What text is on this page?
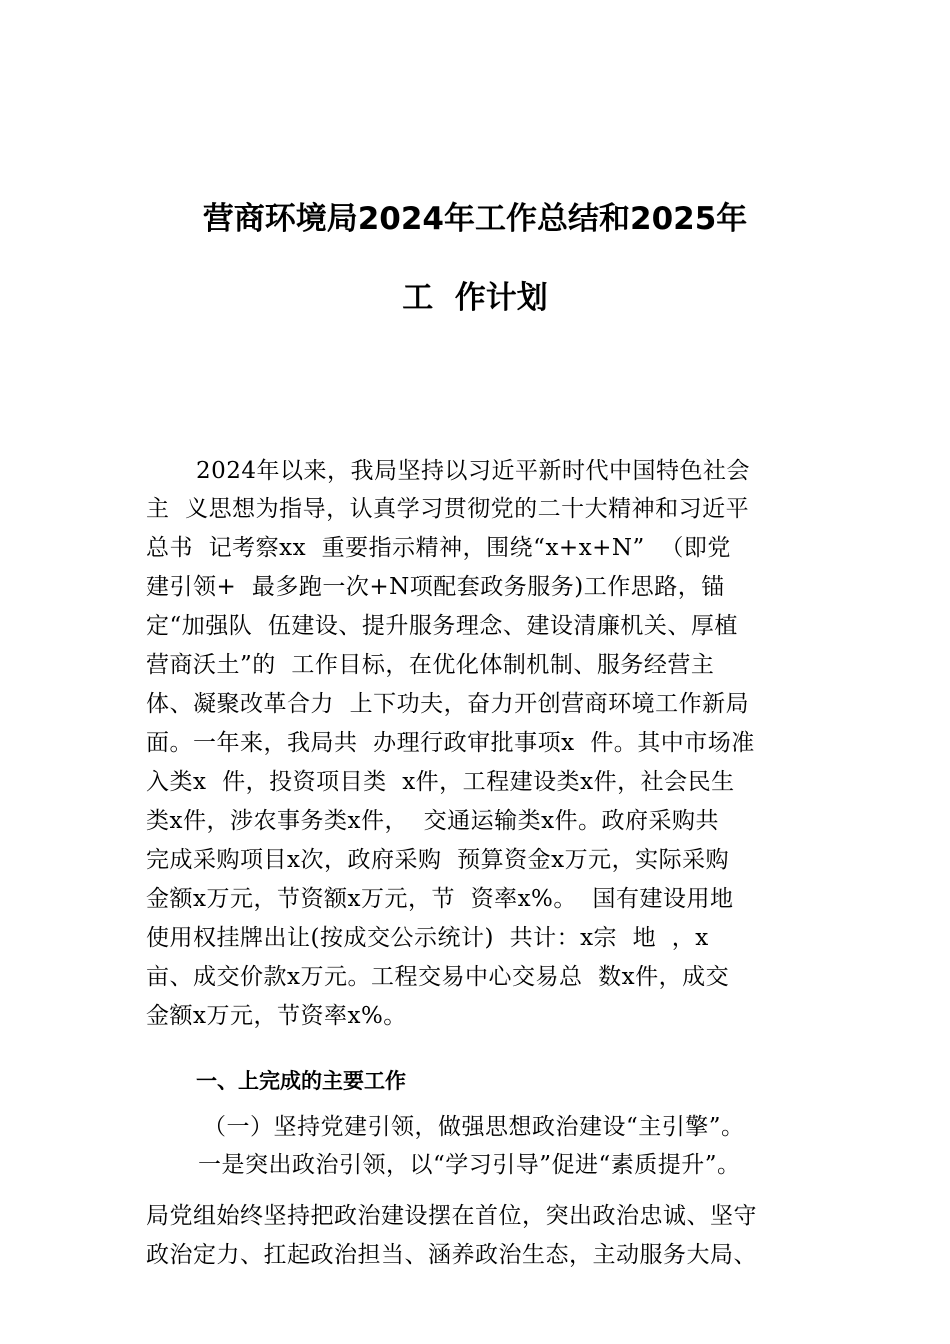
营商环境局2024年工作总结和2025年
工  作计划
2024年以来，我局坚持以习近平新时代中国特色社会
主  义思想为指导，认真学习贯彻党的二十大精神和习近平
总书  记考察xx  重要指示精神，围绕“x+x+N”  （即党
建引领+  最多跑一次+N项配套政务服务)工作思路，锚
定“加强队  伍建设、提升服务理念、建设清廉机关、厚植
营商沃土”的  工作目标，在优化体制机制、服务经营主
体、凝聚改革合力  上下功夫，奋力开创营商环境工作新局
面。一年来，我局共  办理行政审批事项x  件。其中市场准
入类x  件，投资项目类  x件，工程建设类x件，社会民生
类x件，涉农事务类x件，  交通运输类x件。政府采购共
完成采购项目x次，政府采购  预算资金x万元，实际采购
金额x万元，节资额x万元，节  资率x%。  国有建设用地
使用权挂牌出让(按成交公示统计)  共计：x宗  地  ，x
亩、成交价款x万元。工程交易中心交易总  数x件，成交
金额x万元，节资率x%。
一、上完成的主要工作
（一）坚持党建引领，做强思想政治建设“主引擎”。
一是突出政治引领，以“学习引导”促进“素质提升”。
局党组始终坚持把政治建设摆在首位，突出政治忠诚、坚守
政治定力、扛起政治担当、涵养政治生态，主动服务大局、
